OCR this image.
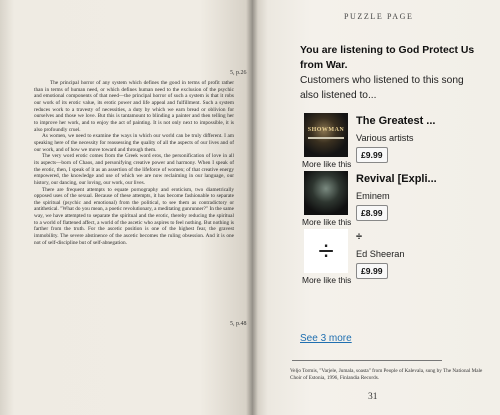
5, p.26

The principal horror of any system which defines the good in terms of profit rather than in terms of human need, or which defines human need to the exclusion of the psychic and emotional components of that need—the principal horror of such a system is that it robs our work of its erotic value, its erotic power and life appeal and fulfillment. Such a system reduces work to a travesty of necessities, a duty by which we earn bread or oblivion for ourselves and those we love. But this is tantamount to blinding a painter and then telling her to improve her work, and to enjoy the act of painting. It is not only next to impossible, it is also profoundly cruel.

As women, we need to examine the ways in which our world can be truly different. I am speaking here of the necessity for reassessing the quality of all the aspects of our lives and of our work, and of how we move toward and through them.

The very word erotic comes from the Greek word eros, the personification of love in all its aspects—born of Chaos, and personifying creative power and harmony. When I speak of the erotic, then, I speak of it as an assertion of the lifeforce of women; of that creative energy empowered, the knowledge and use of which we are now reclaiming in our language, our history, our dancing, our loving, our work, our lives.

There are frequent attempts to equate pornography and eroticism, two diametrically opposed uses of the sexual. Because of these attempts, it has become fashionable to separate the spiritual (psychic and emotional) from the political, to see them as contradictory or antithetical. "What do you mean, a poetic revolutionary, a meditating gunrunner?" In the same way, we have attempted to separate the spiritual and the erotic, thereby reducing the spiritual to a world of flattened affect, a world of the ascetic who aspires to feel nothing. But nothing is farther from the truth. For the ascetic position is one of the highest fear, the gravest immobility. The severe abstinence of the ascetic becomes the ruling obsession. And it is one not of self-discipline but of self-abnegation.

5, p.48
PUZZLE PAGE
You are listening to God Protect Us from War.
Customers who listened to this song also listened to...
SHOWMAN
The Greatest ...
Various artists
£9.99
More like this
Revival [Expli...
Eminem
£8.99
More like this
÷	÷
Ed Sheeran
£9.99
More like this
See 3 more
Veljo Tormis, "Varjele, Jumala, soasta" from People of Kalevala, sung by The National Male Choir of Estonia, 1996, Finlandia Records.
31
